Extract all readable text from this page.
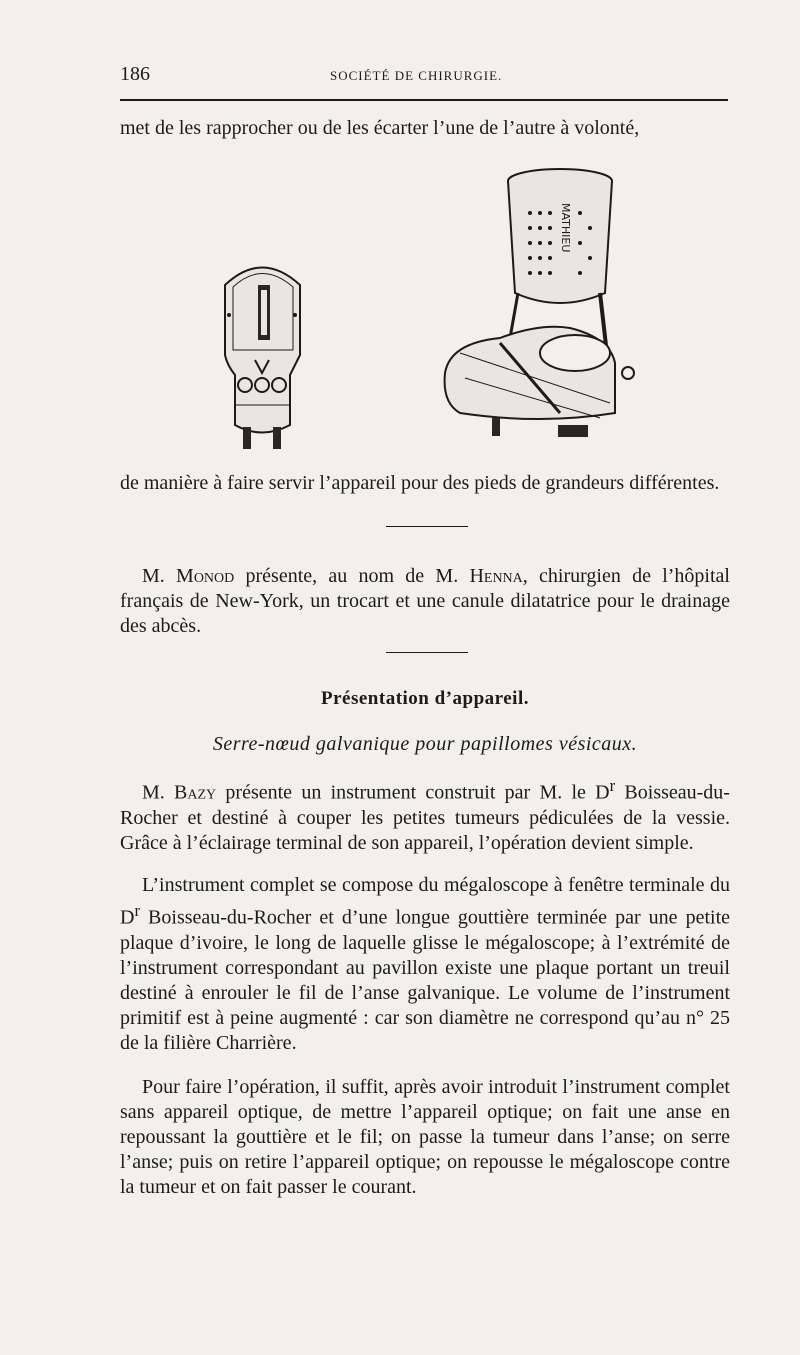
186	SOCIÉTÉ DE CHIRURGIE.

met de les rapprocher ou de les écarter l’une de l’autre à volonté,

MATHIEU

de manière à faire servir l’appareil pour des pieds de grandeurs différentes.

M. Monod présente, au nom de M. Henna, chirurgien de l’hôpital français de New-York, un trocart et une canule dilatatrice pour le drainage des abcès.

Présentation d’appareil.
Serre-nœud galvanique pour papillomes vésicaux.

M. Bazy présente un instrument construit par M. le $D^r$ Boisseau-du-Rocher et destiné à couper les petites tumeurs pédiculées de la vessie. Grâce à l’éclairage terminal de son appareil, l’opération devient simple.

L’instrument complet se compose du mégaloscope à fenêtre terminale du $D^r$ Boisseau-du-Rocher et d’une longue gouttière terminée par une petite plaque d’ivoire, le long de laquelle glisse le mégaloscope; à l’extrémité de l’instrument correspondant au pavillon existe une plaque portant un treuil destiné à enrouler le fil de l’anse galvanique. Le volume de l’instrument primitif est à peine augmenté : car son diamètre ne correspond qu’au n° 25 de la filière Charrière.

Pour faire l’opération, il suffit, après avoir introduit l’instrument complet sans appareil optique, de mettre l’appareil optique; on fait une anse en repoussant la gouttière et le fil; on passe la tumeur dans l’anse; on serre l’anse; puis on retire l’appareil optique; on repousse le mégaloscope contre la tumeur et on fait passer le courant.
